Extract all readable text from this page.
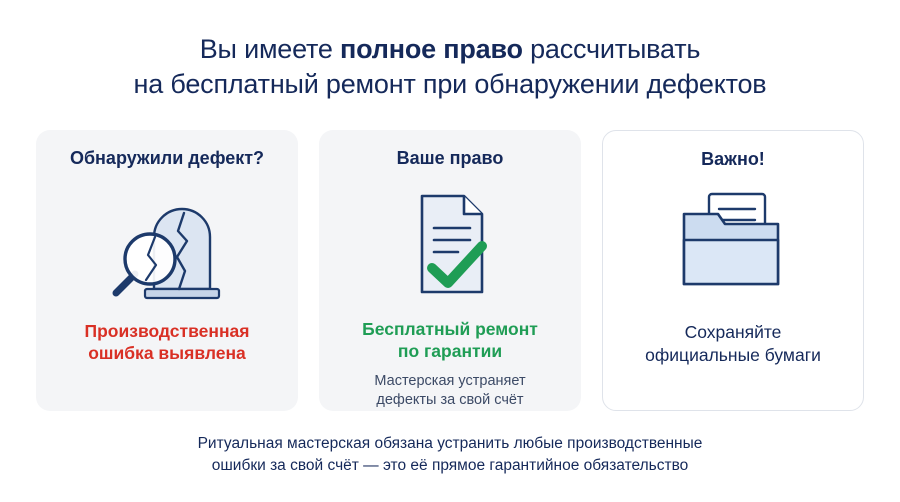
Вы имеете полное право рассчитывать
на бесплатный ремонт при обнаружении дефектов
Обнаружили дефект?

Производственная
ошибка выявлена

Ваше право

Бесплатный ремонт
по гарантии

Мастерская устраняет
дефекты за свой счёт

Важно!

Сохраняйте
официальные бумаги

Ритуальная мастерская обязана устранить любые производственные
ошибки за свой счёт — это её прямое гарантийное обязательство
